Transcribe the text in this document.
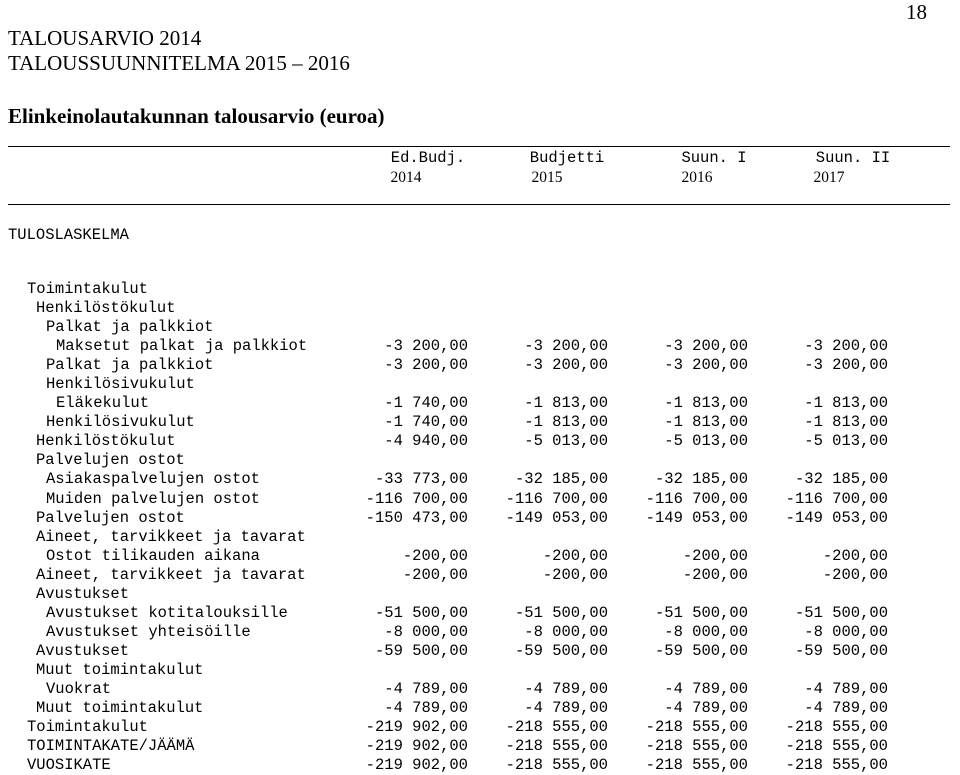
18
TALOUSARVIO 2014
TALOUSSUUNNITELMA 2015 – 2016
Elinkeinolautakunnan talousarvio (euroa)
Ed.Budj.	Budjetti	Suun. I	Suun. II
2014	2015	2016	2017
TULOSLASKELMA
Toimintakulut
Henkilöstökulut
Palkat ja palkkiot
Maksetut palkat ja palkkiot	-3 200,00	-3 200,00	-3 200,00	-3 200,00
Palkat ja palkkiot	-3 200,00	-3 200,00	-3 200,00	-3 200,00
Henkilösivukulut
Eläkekulut	-1 740,00	-1 813,00	-1 813,00	-1 813,00
Henkilösivukulut	-1 740,00	-1 813,00	-1 813,00	-1 813,00
Henkilöstökulut	-4 940,00	-5 013,00	-5 013,00	-5 013,00
Palvelujen ostot
Asiakaspalvelujen ostot	-33 773,00	-32 185,00	-32 185,00	-32 185,00
Muiden palvelujen ostot	-116 700,00	-116 700,00	-116 700,00	-116 700,00
Palvelujen ostot	-150 473,00	-149 053,00	-149 053,00	-149 053,00
Aineet, tarvikkeet ja tavarat
Ostot tilikauden aikana	-200,00	-200,00	-200,00	-200,00
Aineet, tarvikkeet ja tavarat	-200,00	-200,00	-200,00	-200,00
Avustukset
Avustukset kotitalouksille	-51 500,00	-51 500,00	-51 500,00	-51 500,00
Avustukset yhteisöille	-8 000,00	-8 000,00	-8 000,00	-8 000,00
Avustukset	-59 500,00	-59 500,00	-59 500,00	-59 500,00
Muut toimintakulut
Vuokrat	-4 789,00	-4 789,00	-4 789,00	-4 789,00
Muut toimintakulut	-4 789,00	-4 789,00	-4 789,00	-4 789,00
Toimintakulut	-219 902,00	-218 555,00	-218 555,00	-218 555,00
TOIMINTAKATE/JÄÄMÄ	-219 902,00	-218 555,00	-218 555,00	-218 555,00
VUOSIKATE	-219 902,00	-218 555,00	-218 555,00	-218 555,00
